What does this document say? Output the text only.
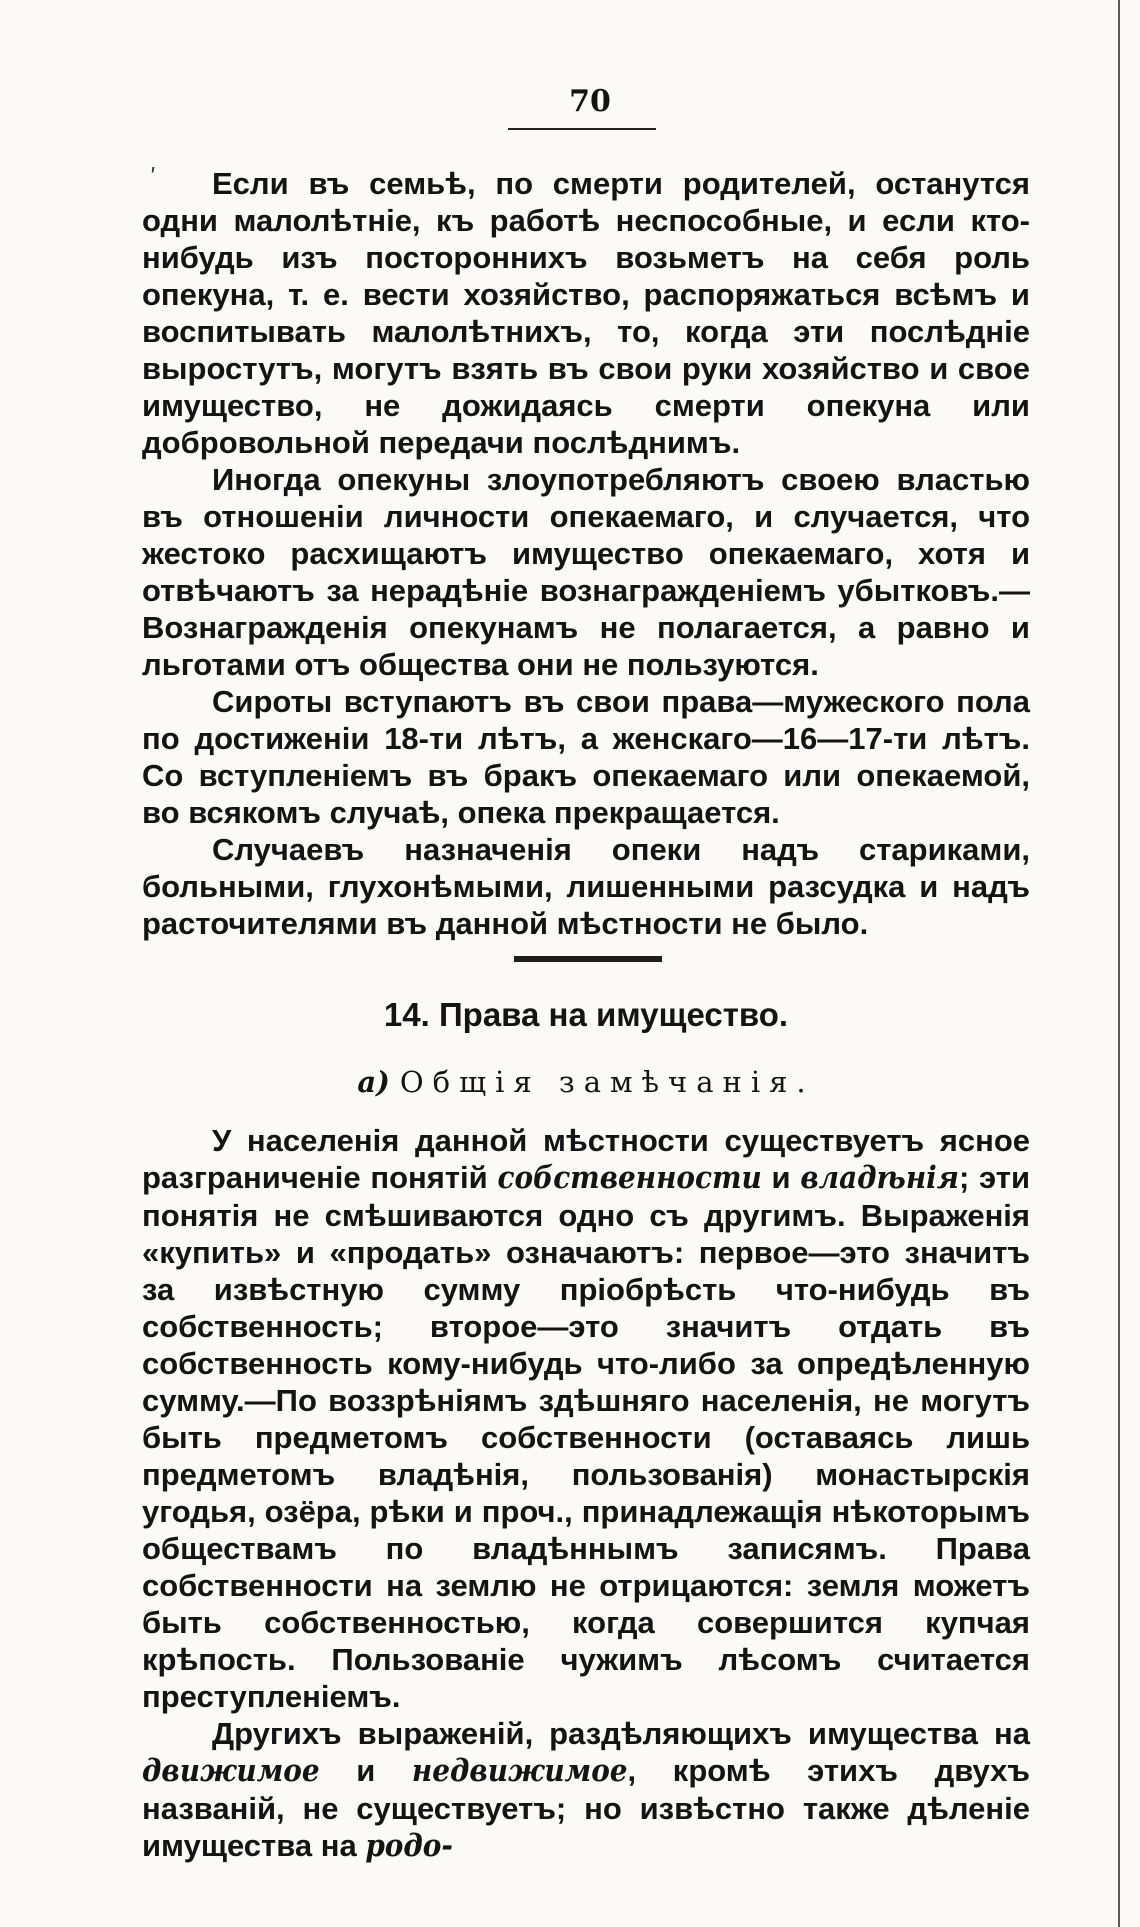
70
ʹ	Если въ семьѣ, по смерти родителей, останутся одни малолѣтніе, къ работѣ неспособные, и если кто-нибудь изъ постороннихъ возьметъ на себя роль опекуна, т. е. вести хозяйство, распоряжаться всѣмъ и воспитывать малолѣтнихъ, то, когда эти послѣдніе выростутъ, могутъ взять въ свои руки хозяйство и свое имущество, не дожидаясь смерти опекуна или добровольной передачи послѣднимъ.

Иногда опекуны злоупотребляютъ своею властью въ отношеніи личности опекаемаго, и случается, что жестоко расхищаютъ имущество опекаемаго, хотя и отвѣчаютъ за нерадѣніе вознагражденіемъ убытковъ.—Вознагражденія опекунамъ не полагается, а равно и льготами отъ общества они не пользуются.

Сироты вступаютъ въ свои права—мужеского пола по достиженіи 18-ти лѣтъ, а женскаго—16—17-ти лѣтъ. Со вступленіемъ въ бракъ опекаемаго или опекаемой, во всякомъ случаѣ, опека прекращается.

Случаевъ назначенія опеки надъ стариками, больными, глухонѣмыми, лишенными разсудка и надъ расточителями въ данной мѣстности не было.

14. Права на имущество.
а) Общія замѣчанія.

У населенія данной мѣстности существуетъ ясное разграниченіе понятій собственности и владѣнія; эти понятія не смѣшиваются одно съ другимъ. Выраженія «купить» и «продать» означаютъ: первое—это значитъ за извѣстную сумму пріобрѣсть что-нибудь въ собственность; второе—это значитъ отдать въ собственность кому-нибудь что-либо за опредѣленную сумму.—По воззрѣніямъ здѣшняго населенія, не могутъ быть предметомъ собственности (оставаясь лишь предметомъ владѣнія, пользованія) монастырскія угодья, озёра, рѣки и проч., принадлежащія нѣкоторымъ обществамъ по владѣннымъ записямъ. Права собственности на землю не отрицаются: земля можетъ быть собственностью, когда совершится купчая крѣпость. Пользованіе чужимъ лѣсомъ считается преступленіемъ.

Другихъ выраженій, раздѣляющихъ имущества на движимое и недвижимое, кромѣ этихъ двухъ названій, не существуетъ; но извѣстно также дѣленіе имущества на родо-
